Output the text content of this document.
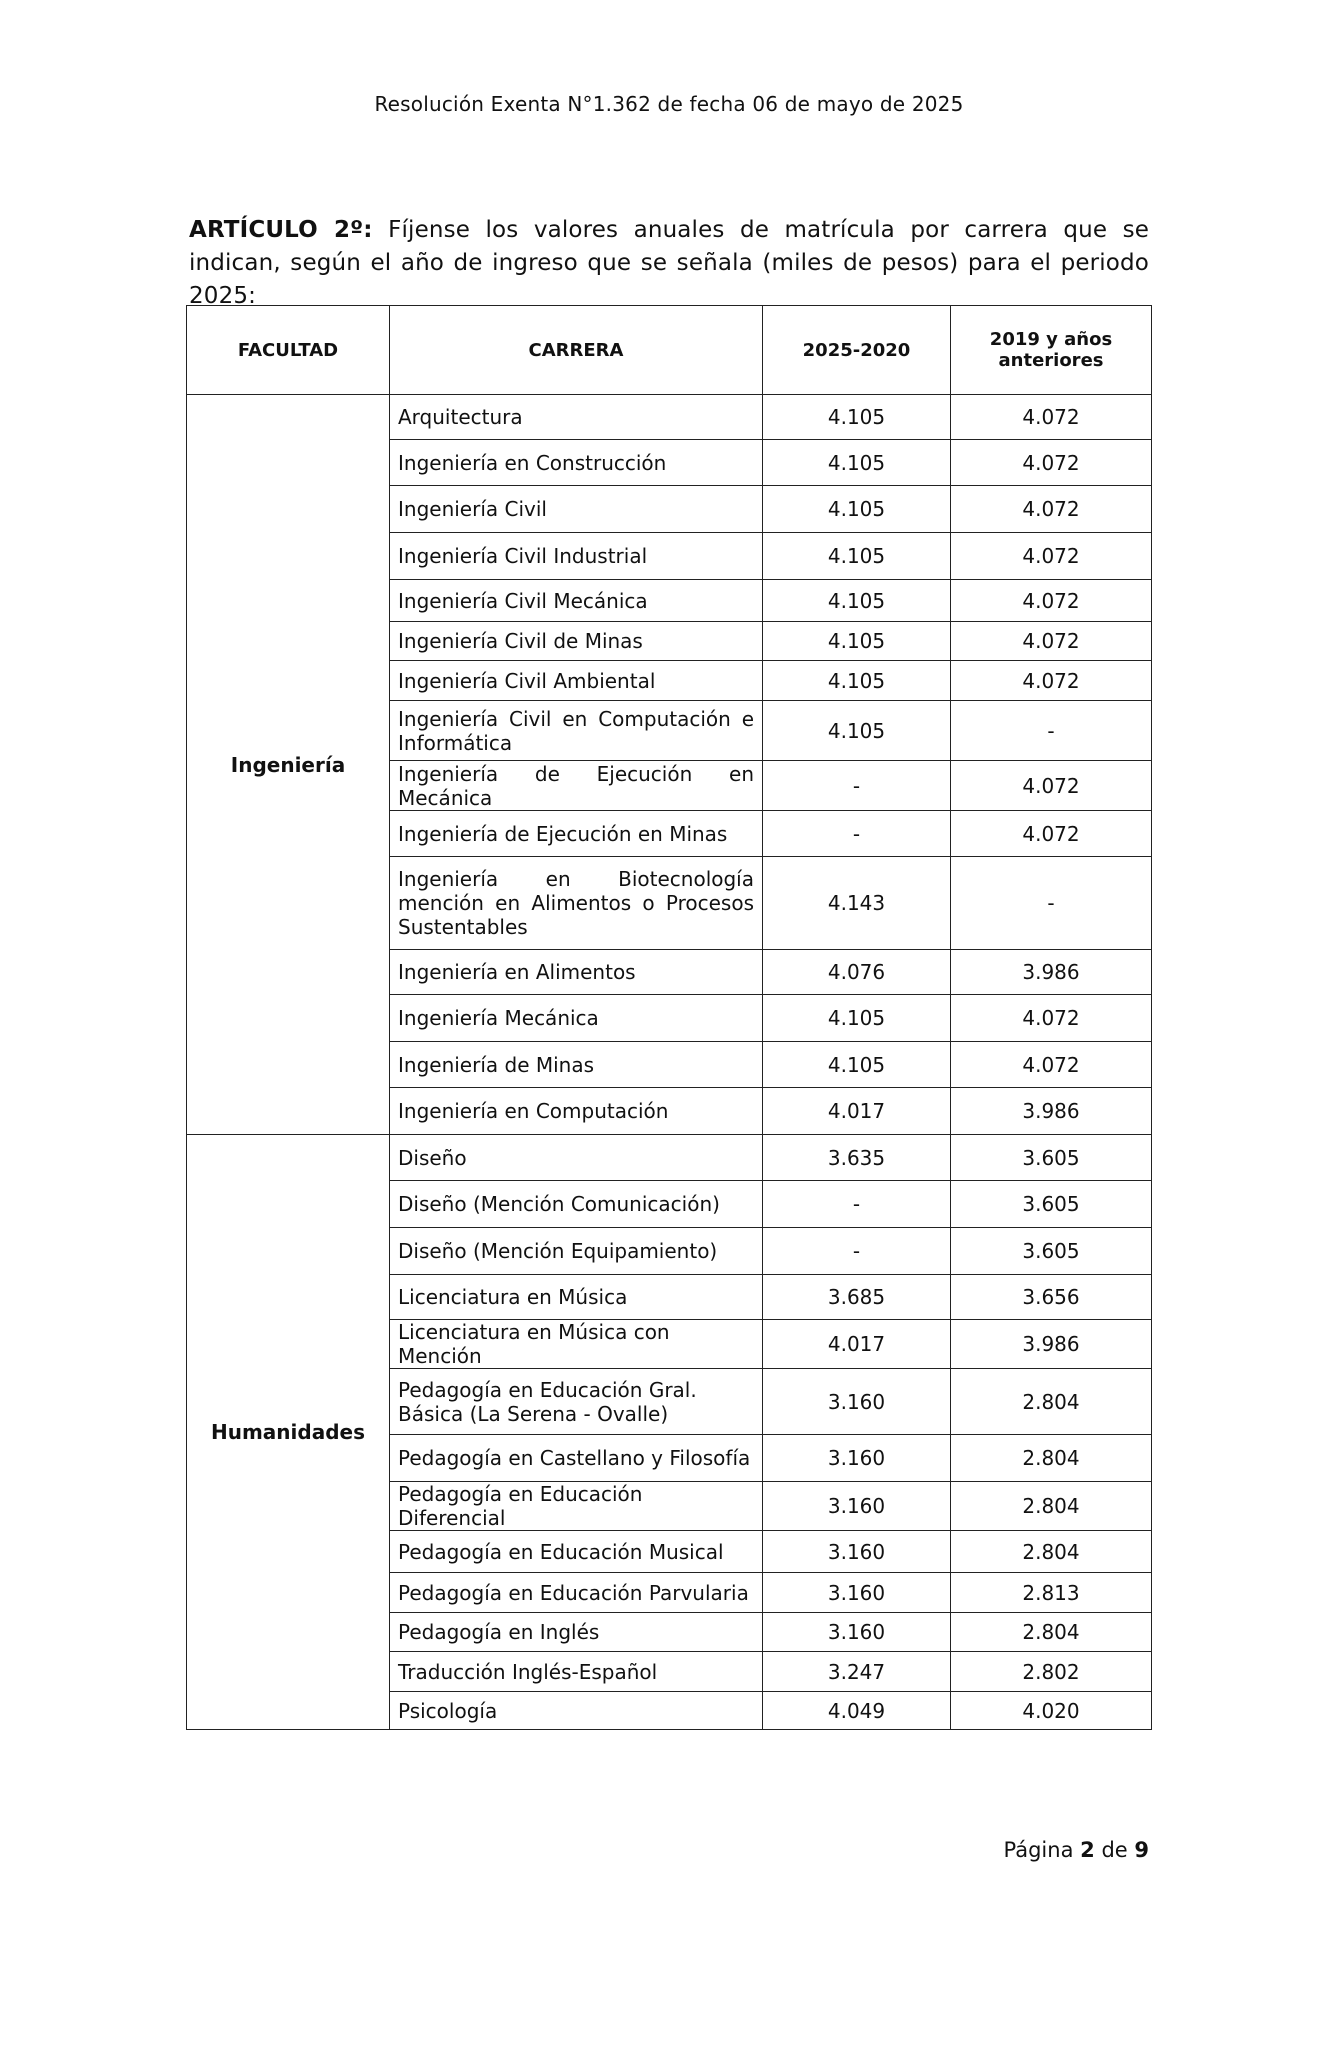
Resolución Exenta N°1.362 de fecha 06 de mayo de 2025
ARTÍCULO 2º: Fíjense los valores anuales de matrícula por carrera que se indican, según el año de ingreso que se señala (miles de pesos) para el periodo 2025:
FACULTAD	CARRERA	2025-2020	2019 y años anteriores
Ingeniería	Arquitectura	4.105	4.072
	Ingeniería en Construcción	4.105	4.072
	Ingeniería Civil	4.105	4.072
	Ingeniería Civil Industrial	4.105	4.072
	Ingeniería Civil Mecánica	4.105	4.072
	Ingeniería Civil de Minas	4.105	4.072
	Ingeniería Civil Ambiental	4.105	4.072
	Ingeniería Civil en Computación e Informática	4.105	-
	Ingeniería de Ejecución en Mecánica	-	4.072
	Ingeniería de Ejecución en Minas	-	4.072
	Ingeniería en Biotecnología mención en Alimentos o Procesos Sustentables	4.143	-
	Ingeniería en Alimentos	4.076	3.986
	Ingeniería Mecánica	4.105	4.072
	Ingeniería de Minas	4.105	4.072
	Ingeniería en Computación	4.017	3.986
Humanidades	Diseño	3.635	3.605
	Diseño (Mención Comunicación)	-	3.605
	Diseño (Mención Equipamiento)	-	3.605
	Licenciatura en Música	3.685	3.656
	Licenciatura en Música con Mención	4.017	3.986
	Pedagogía en Educación Gral. Básica (La Serena - Ovalle)	3.160	2.804
	Pedagogía en Castellano y Filosofía	3.160	2.804
	Pedagogía en Educación Diferencial	3.160	2.804
	Pedagogía en Educación Musical	3.160	2.804
	Pedagogía en Educación Parvularia	3.160	2.813
	Pedagogía en Inglés	3.160	2.804
	Traducción Inglés-Español	3.247	2.802
	Psicología	4.049	4.020
Página 2 de 9
